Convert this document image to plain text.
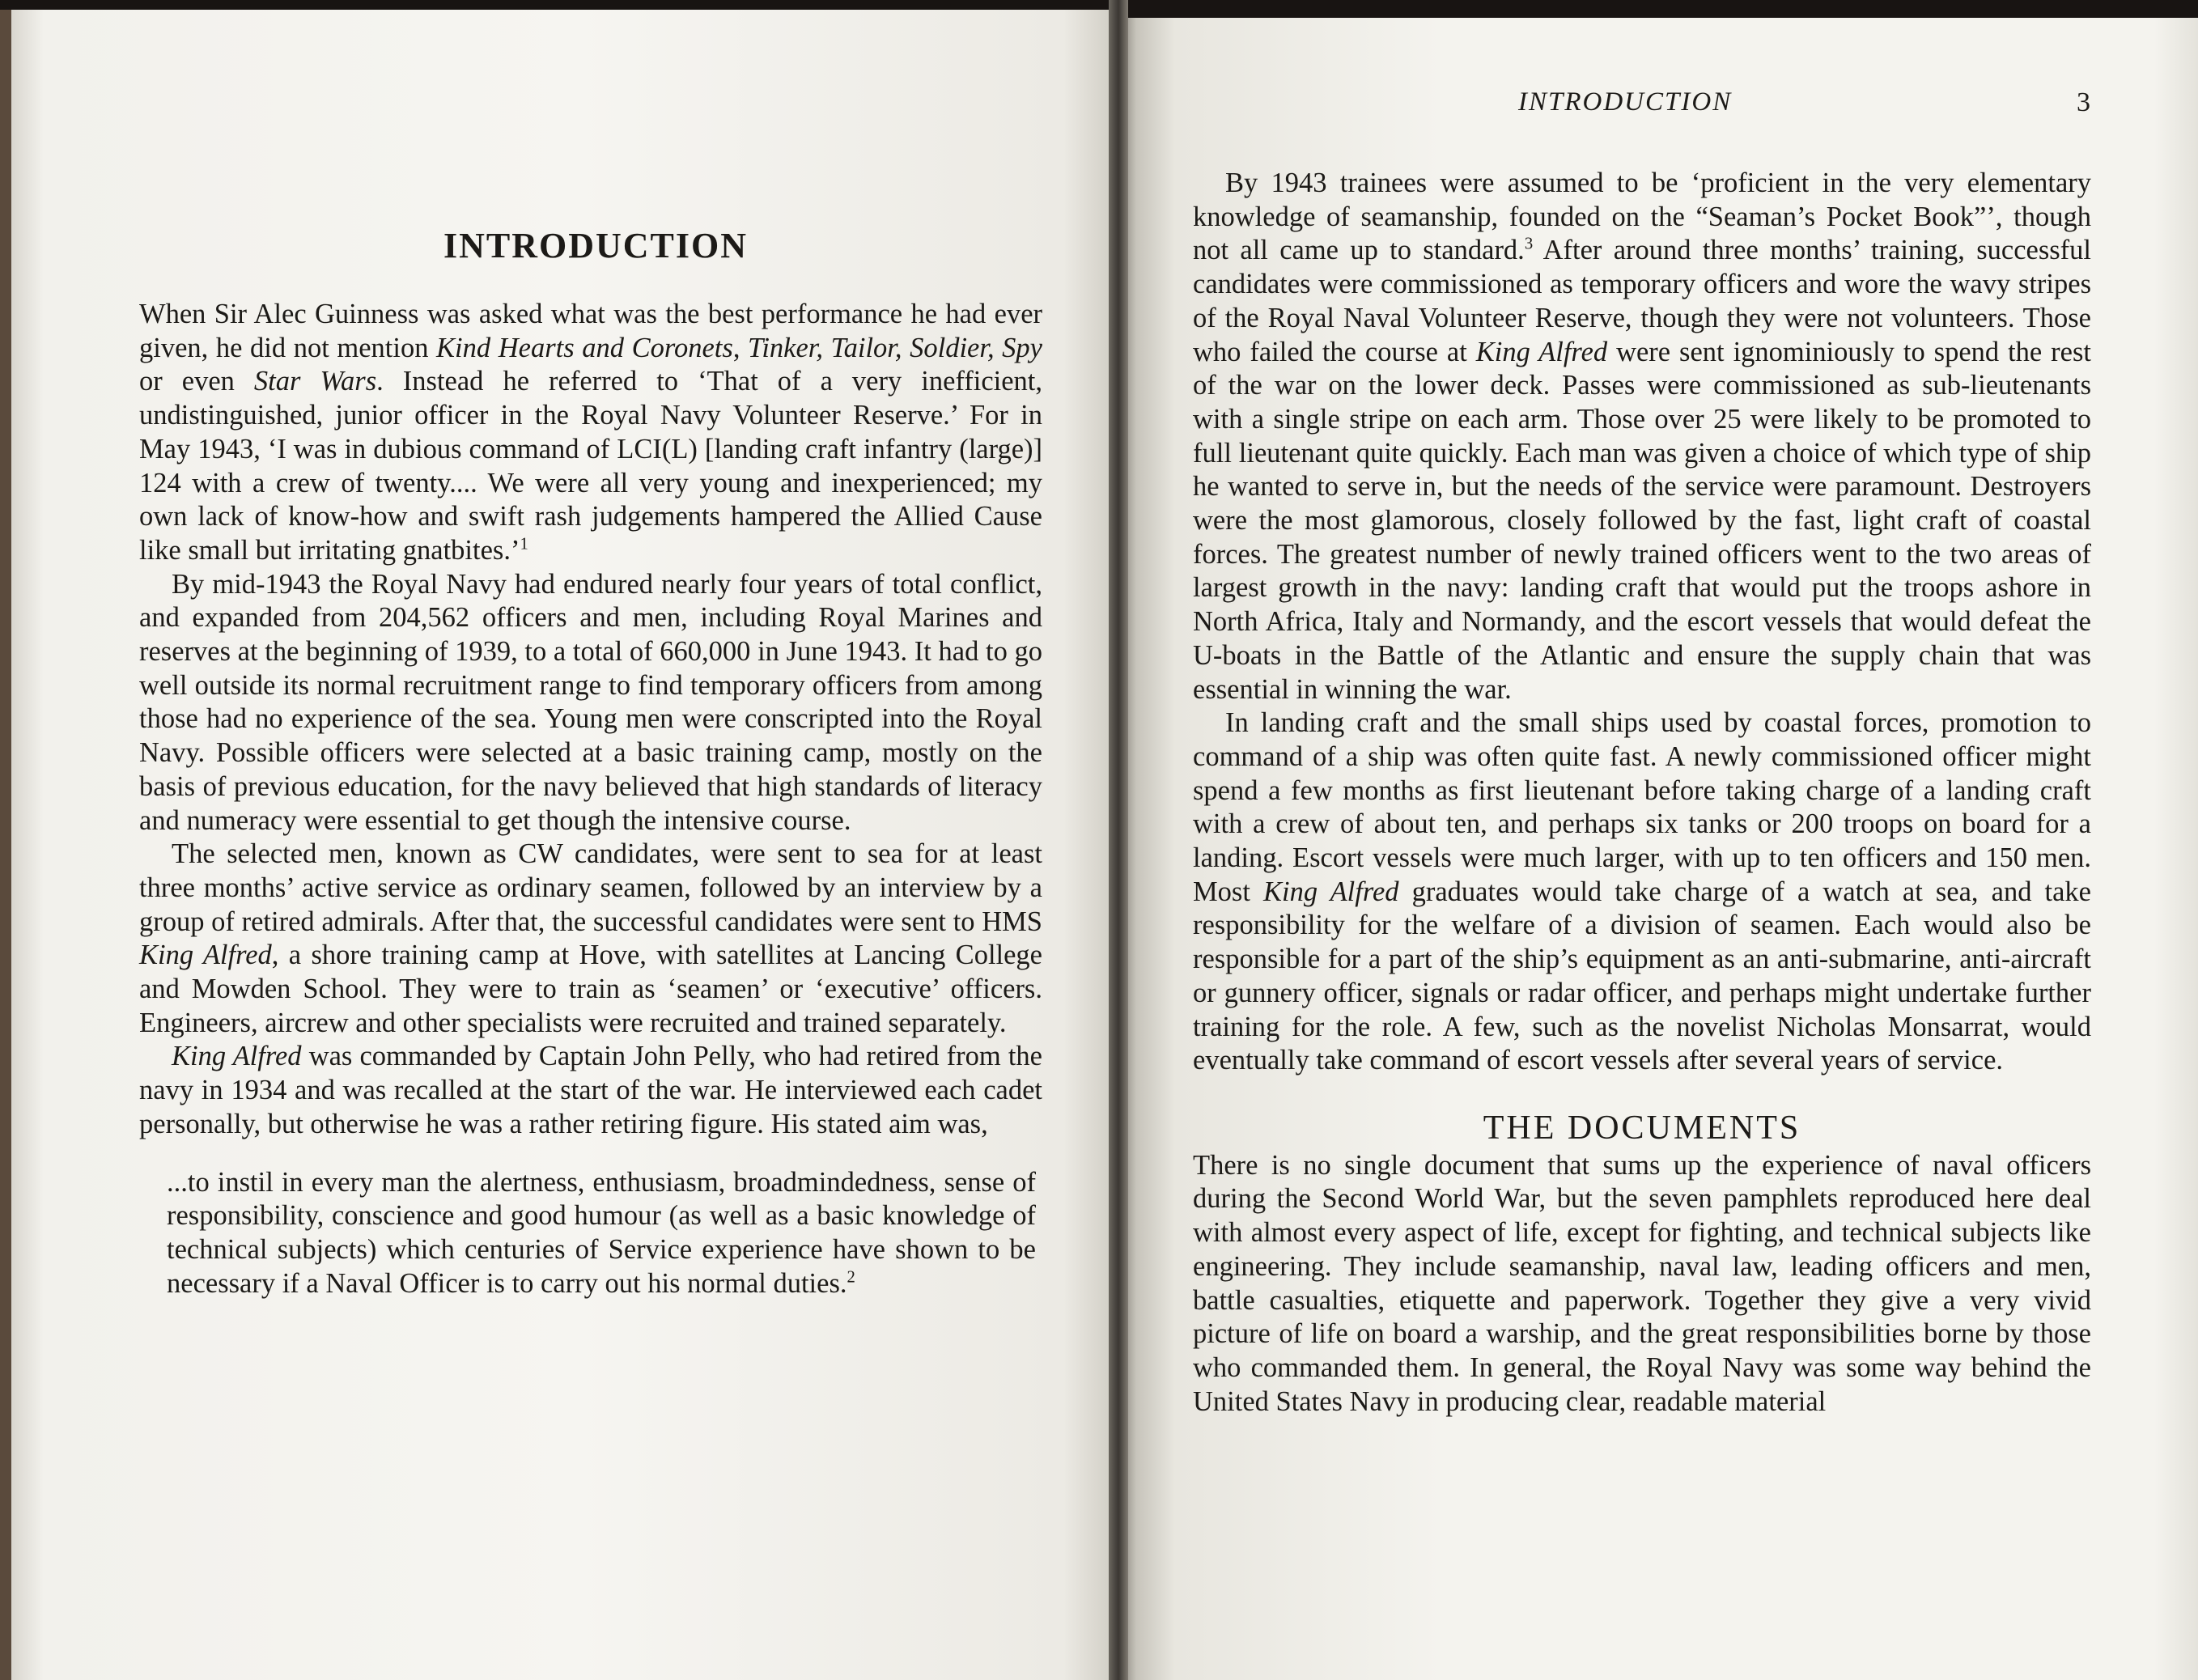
INTRODUCTION

When Sir Alec Guinness was asked what was the best performance he had ever given, he did not mention Kind Hearts and Coronets, Tinker, Tailor, Soldier, Spy or even Star Wars. Instead he referred to ‘That of a very inefficient, undistinguished, junior officer in the Royal Navy Volunteer Reserve.’ For in May 1943, ‘I was in dubious command of LCI(L) [landing craft infantry (large)] 124 with a crew of twenty.... We were all very young and inexperienced; my own lack of know-how and swift rash judgements hampered the Allied Cause like small but irritating gnatbites.’$^1$

By mid-1943 the Royal Navy had endured nearly four years of total conflict, and expanded from 204,562 officers and men, including Royal Marines and reserves at the beginning of 1939, to a total of 660,000 in June 1943. It had to go well outside its normal recruitment range to find temporary officers from among those had no experience of the sea. Young men were conscripted into the Royal Navy. Possible officers were selected at a basic training camp, mostly on the basis of previous education, for the navy believed that high standards of literacy and numeracy were essential to get though the intensive course.

The selected men, known as CW candidates, were sent to sea for at least three months’ active service as ordinary seamen, followed by an interview by a group of retired admirals. After that, the successful candidates were sent to HMS King Alfred, a shore training camp at Hove, with satellites at Lancing College and Mowden School. They were to train as ‘seamen’ or ‘executive’ officers. Engineers, aircrew and other specialists were recruited and trained separately.

King Alfred was commanded by Captain John Pelly, who had retired from the navy in 1934 and was recalled at the start of the war. He interviewed each cadet personally, but otherwise he was a rather retiring figure. His stated aim was,

...to instil in every man the alertness, enthusiasm, broadmindedness, sense of responsibility, conscience and good humour (as well as a basic knowledge of technical subjects) which centuries of Service experience have shown to be necessary if a Naval Officer is to carry out his normal duties.$^2$

INTRODUCTION	3

By 1943 trainees were assumed to be ‘proficient in the very elementary knowledge of seamanship, founded on the “Seaman’s Pocket Book”’, though not all came up to standard.$^3$ After around three months’ training, successful candidates were commissioned as temporary officers and wore the wavy stripes of the Royal Naval Volunteer Reserve, though they were not volunteers. Those who failed the course at King Alfred were sent ignominiously to spend the rest of the war on the lower deck. Passes were commissioned as sub-lieutenants with a single stripe on each arm. Those over 25 were likely to be promoted to full lieutenant quite quickly. Each man was given a choice of which type of ship he wanted to serve in, but the needs of the service were paramount. Destroyers were the most glamorous, closely followed by the fast, light craft of coastal forces. The greatest number of newly trained officers went to the two areas of largest growth in the navy: landing craft that would put the troops ashore in North Africa, Italy and Normandy, and the escort vessels that would defeat the U-boats in the Battle of the Atlantic and ensure the supply chain that was essential in winning the war.

In landing craft and the small ships used by coastal forces, promotion to command of a ship was often quite fast. A newly commissioned officer might spend a few months as first lieutenant before taking charge of a landing craft with a crew of about ten, and perhaps six tanks or 200 troops on board for a landing. Escort vessels were much larger, with up to ten officers and 150 men. Most King Alfred graduates would take charge of a watch at sea, and take responsibility for the welfare of a division of seamen. Each would also be responsible for a part of the ship’s equipment as an anti-submarine, anti-aircraft or gunnery officer, signals or radar officer, and perhaps might undertake further training for the role. A few, such as the novelist Nicholas Monsarrat, would eventually take command of escort vessels after several years of service.

THE DOCUMENTS

There is no single document that sums up the experience of naval officers during the Second World War, but the seven pamphlets reproduced here deal with almost every aspect of life, except for fighting, and technical subjects like engineering. They include seamanship, naval law, leading officers and men, battle casualties, etiquette and paperwork. Together they give a very vivid picture of life on board a warship, and the great responsibilities borne by those who commanded them. In general, the Royal Navy was some way behind the United States Navy in producing clear, readable material
